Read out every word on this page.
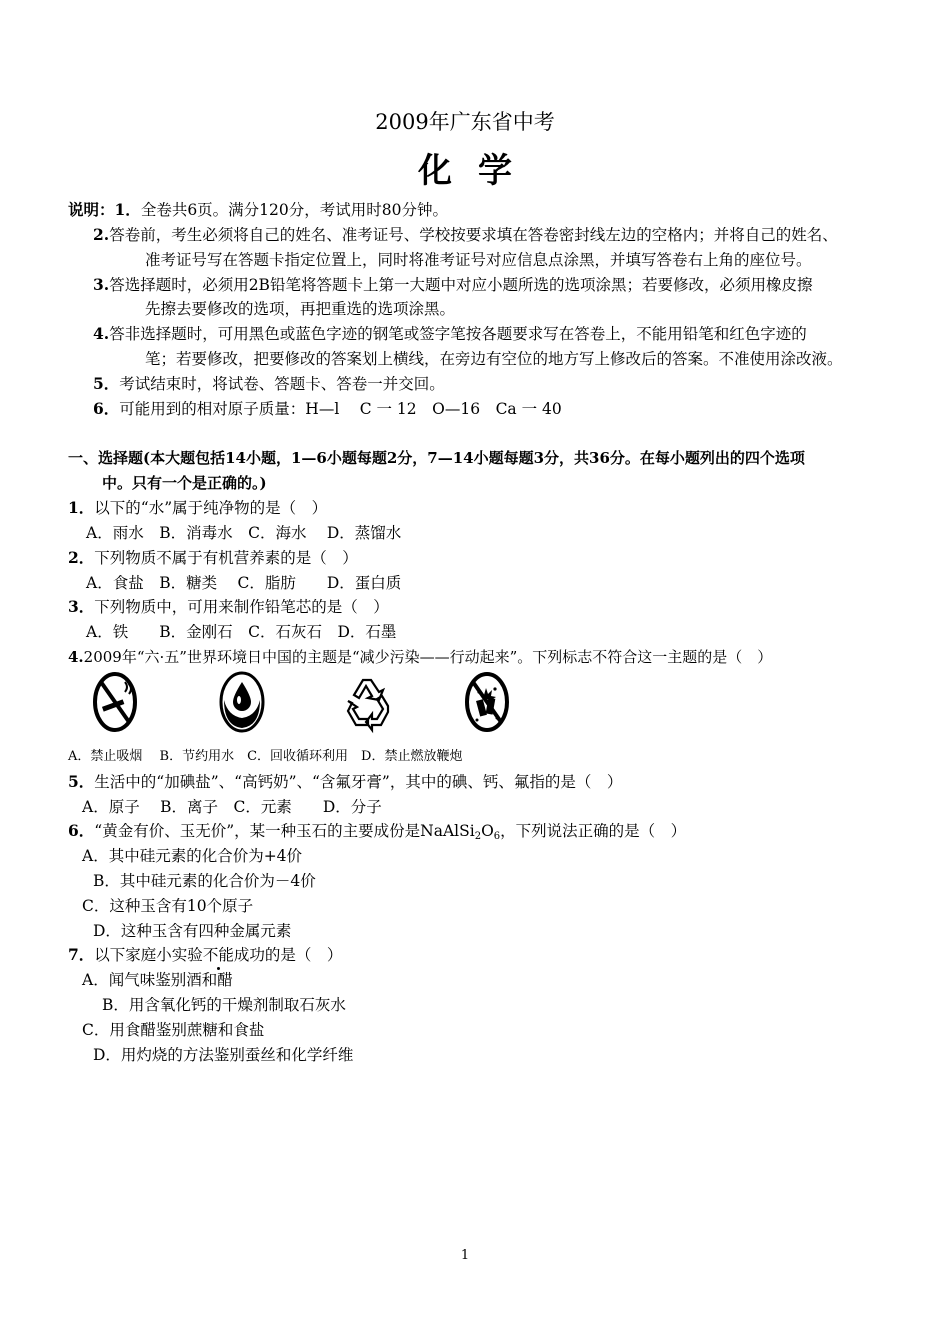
2009年广东省中考
化学
说明：1．全卷共6页。满分120分，考试用时80分钟。
2.答卷前，考生必须将自己的姓名、准考证号、学校按要求填在答卷密封线左边的空格内；并将自己的姓名、
准考证号写在答题卡指定位置上，同时将准考证号对应信息点涂黑，并填写答卷右上角的座位号。
3.答选择题时，必须用2B铅笔将答题卡上第一大题中对应小题所选的选项涂黑；若要修改，必须用橡皮擦
先擦去要修改的选项，再把重选的选项涂黑。
4.答非选择题时，可用黑色或蓝色字迹的钢笔或签字笔按各题要求写在答卷上，不能用铅笔和红色字迹的
笔；若要修改，把要修改的答案划上横线，在旁边有空位的地方写上修改后的答案。不准使用涂改液。
5．考试结束时，将试卷、答题卡、答卷一并交回。
6．可能用到的相对原子质量：H—l　 C 一 12　O—16　Ca 一 40
一、选择题(本大题包括14小题，1—6小题每题2分，7—14小题每题3分，共36分。在每小题列出的四个选项
中。只有一个是正确的。)
1．以下的“水”属于纯净物的是（　）
A．雨水　B．消毒水　C．海水　 D．蒸馏水
2．下列物质不属于有机营养素的是（　）
A．食盐　B．糖类　 C．脂肪　　D．蛋白质
3．下列物质中，可用来制作铅笔芯的是（　）
A．铁　　B．金刚石　C．石灰石　D．石墨
4.2009年“六·五”世界环境日中国的主题是“减少污染——行动起来”。下列标志不符合这一主题的是（　）
A．禁止吸烟　 B．节约用水　C．回收循环利用　D．禁止燃放鞭炮
5．生活中的“加碘盐”、“高钙奶”、“含氟牙膏”，其中的碘、钙、氟指的是（　）
A．原子　 B．离子　C．元素　　D．分子
6．“黄金有价、玉无价”，某一种玉石的主要成份是$NaAlSi_2O_6$，下列说法正确的是（　）
A．其中硅元素的化合价为+4价
B．其中硅元素的化合价为－4价
C．这种玉含有10个原子
D．这种玉含有四种金属元素
7．以下家庭小实验不能成功的是（　）
A．闻气味鉴别酒和醋
B．用含氧化钙的干燥剂制取石灰水
C．用食醋鉴别蔗糖和食盐
D．用灼烧的方法鉴别蚕丝和化学纤维
1
